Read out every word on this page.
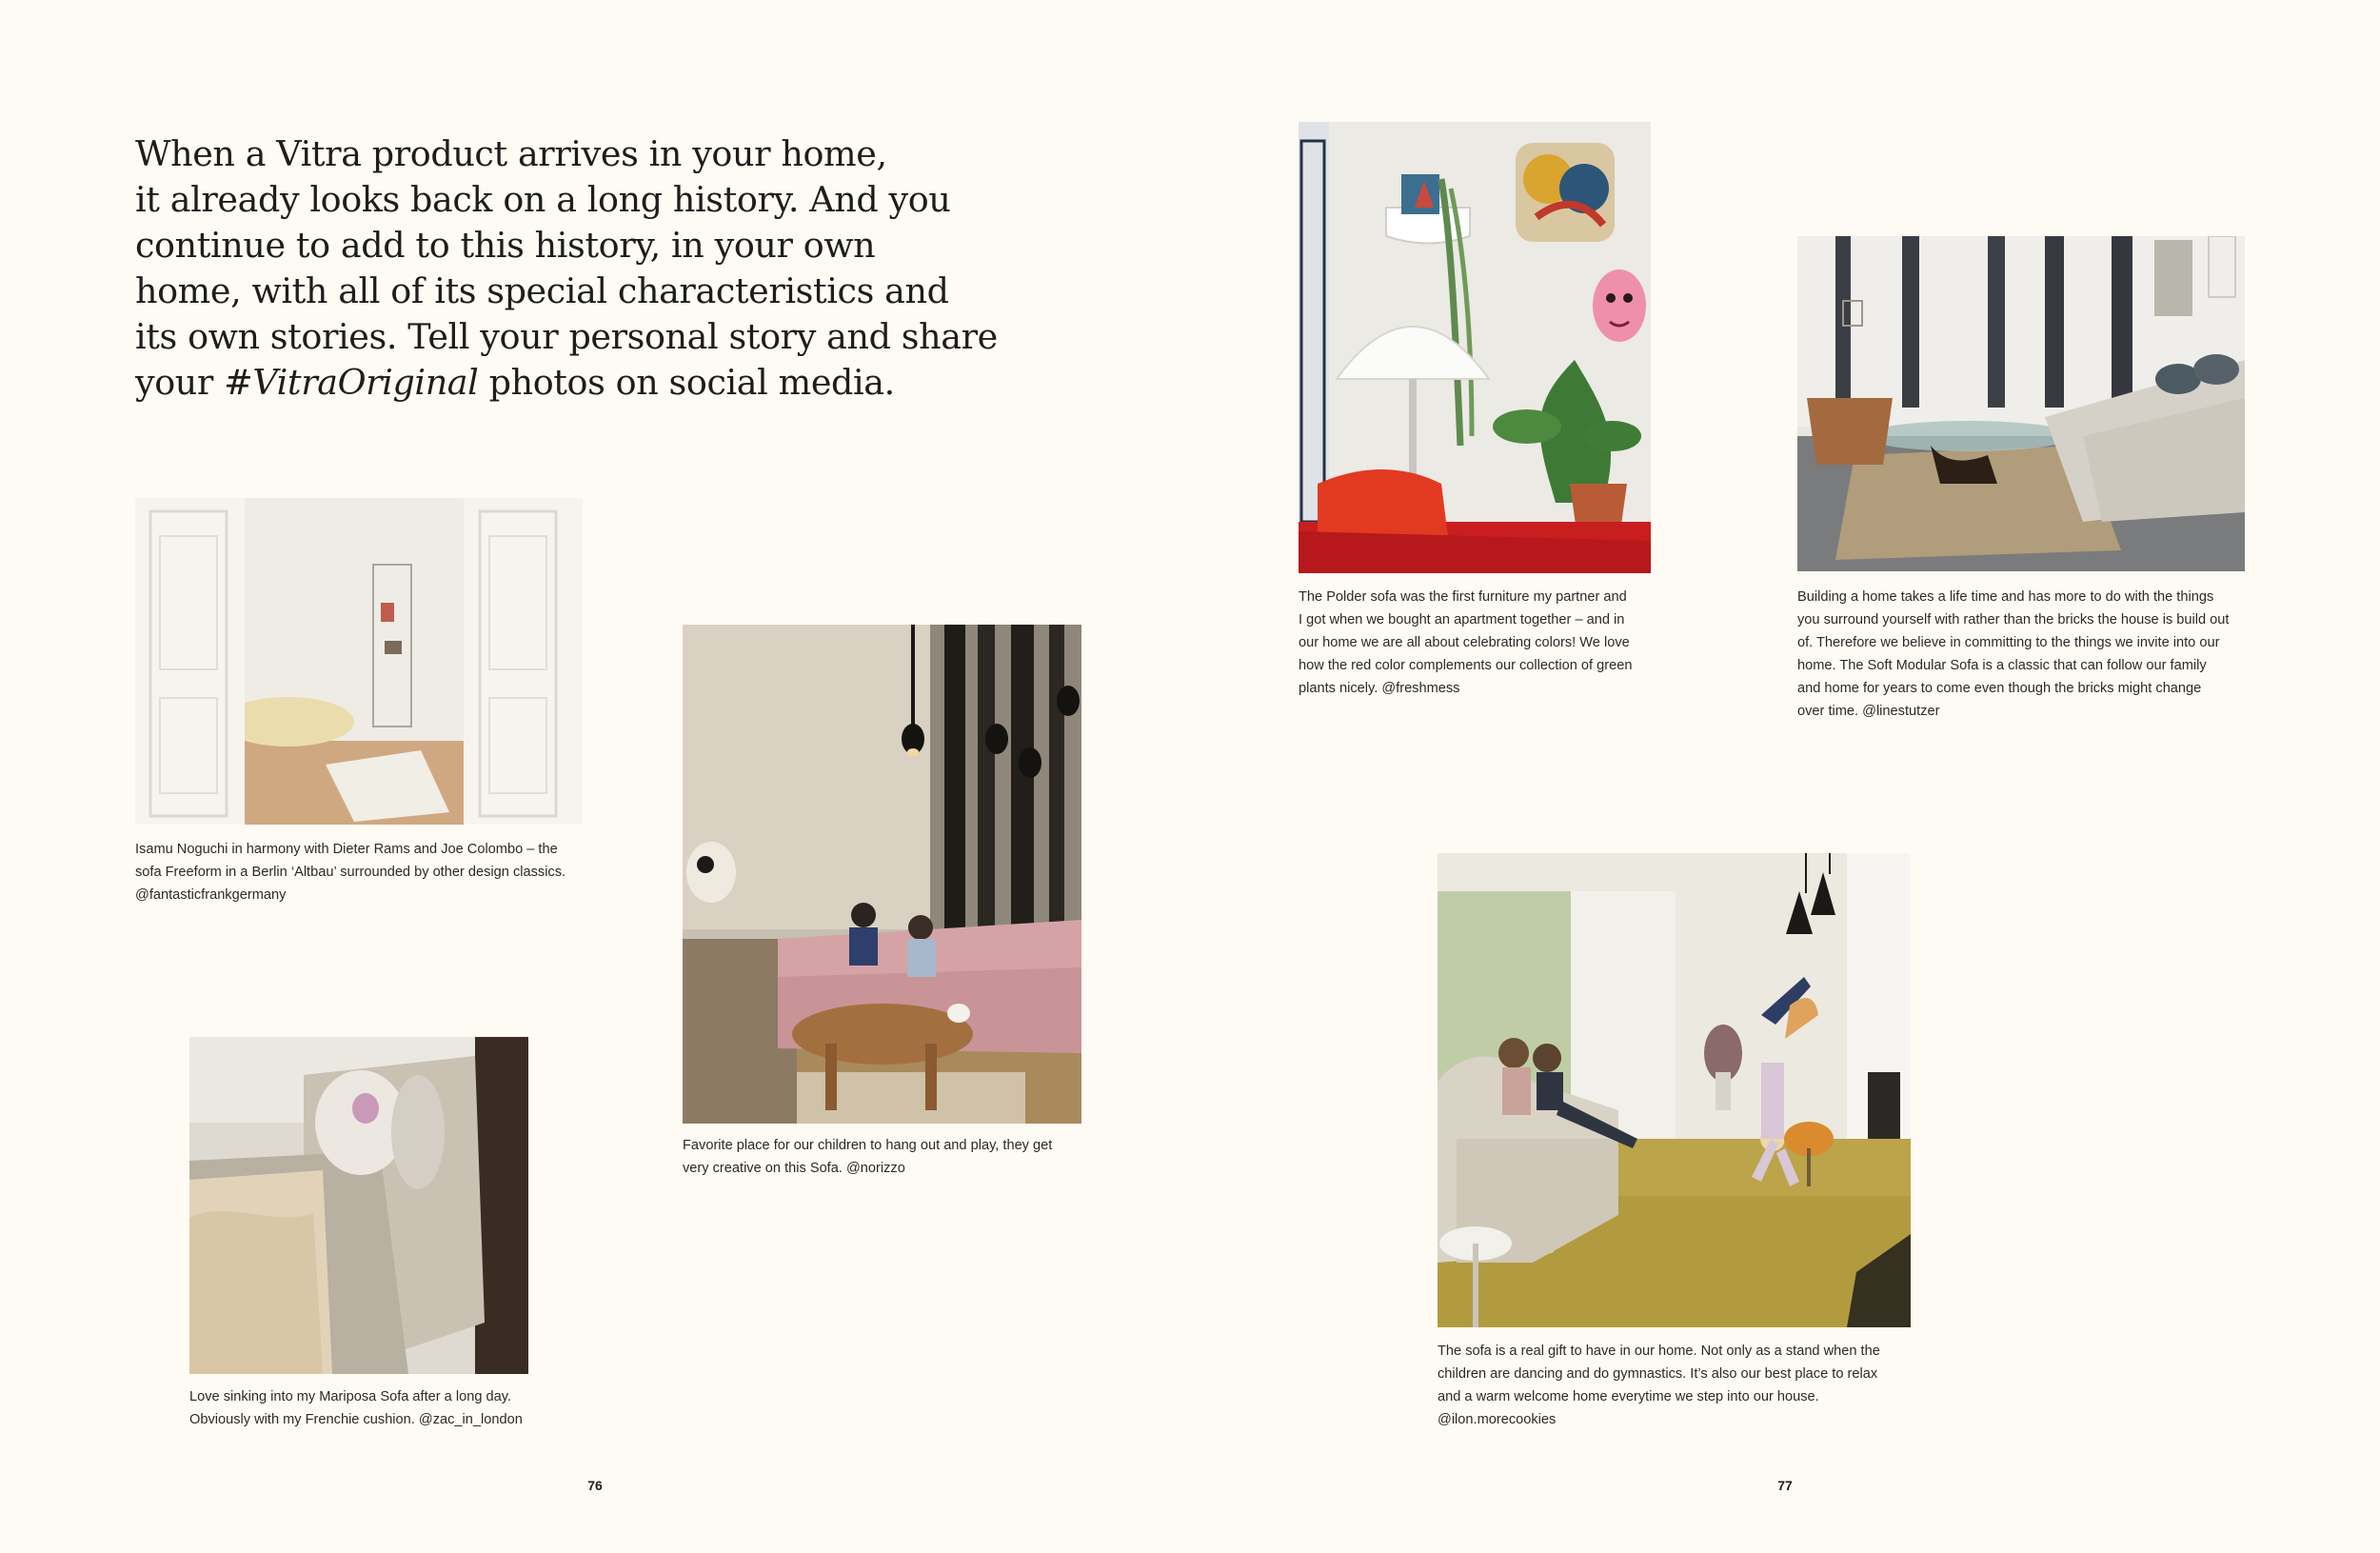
When a Vitra product arrives in your home,
it already looks back on a long history. And you
continue to add to this history, in your own
home, with all of its special characteristics and
its own stories. Tell your personal story and share
your #VitraOriginal photos on social media.

Isamu Noguchi in harmony with Dieter Rams and Joe Colombo – the
sofa Freeform in a Berlin ‘Altbau’ surrounded by other design classics.
@fantasticfrankgermany

Love sinking into my Mariposa Sofa after a long day.
Obviously with my Frenchie cushion. @zac_in_london

Favorite place for our children to hang out and play, they get
very creative on this Sofa. @norizzo

The Polder sofa was the first furniture my partner and
I got when we bought an apartment together – and in
our home we are all about celebrating colors! We love
how the red color complements our collection of green
plants nicely. @freshmess

Building a home takes a life time and has more to do with the things
you surround yourself with rather than the bricks the house is build out
of. Therefore we believe in committing to the things we invite into our
home. The Soft Modular Sofa is a classic that can follow our family
and home for years to come even though the bricks might change
over time. @linestutzer

The sofa is a real gift to have in our home. Not only as a stand when the
children are dancing and do gymnastics. It’s also our best place to relax
and a warm welcome home everytime we step into our house.
@ilon.morecookies

76	77
